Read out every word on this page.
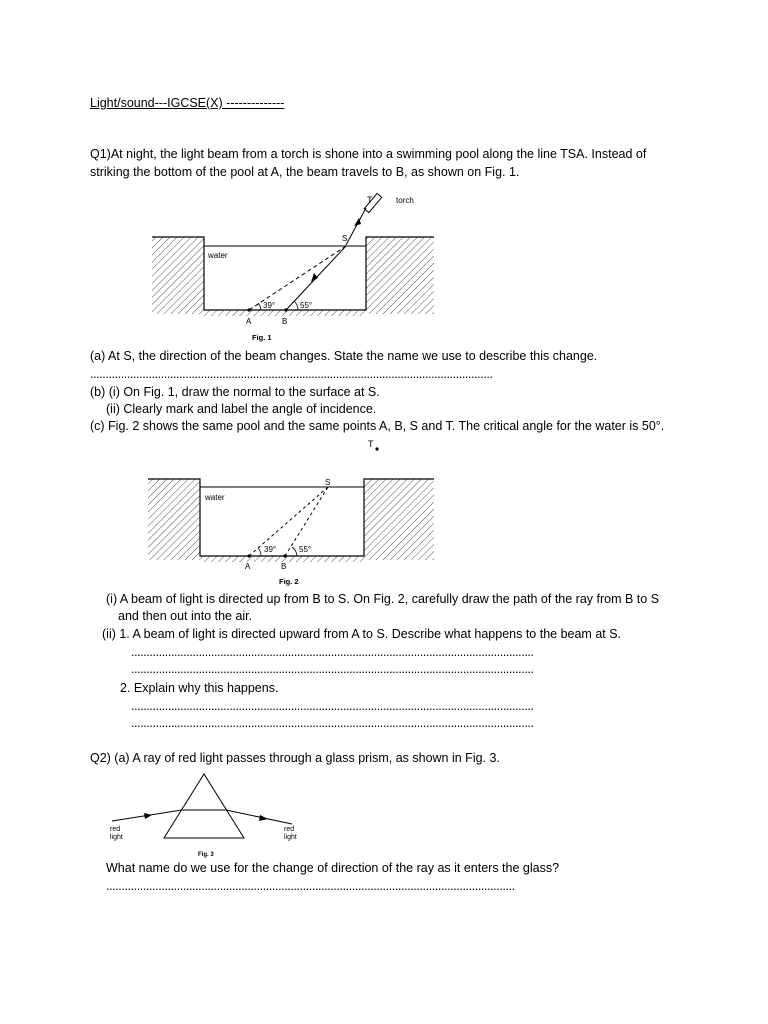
Light/sound---IGCSE(X) --------------
Q1)At night, the light beam from a torch is shone into a swimming pool along the line TSA. Instead of
striking the bottom of the pool at A, the beam travels to B, as shown on Fig. 1.
T	torch
S
water
39°	55°
A	B
Fig. 1
(a) At S, the direction of the beam changes. State the name we use to describe this change.
...................................................................................................................................
(b) (i) On Fig. 1, draw the normal to the surface at S.
(ii) Clearly mark and label the angle of incidence.
(c) Fig. 2 shows the same pool and the same points A, B, S and T. The critical angle for the water is 50°.
T
S
water
39°	55°
A	B
Fig. 2
(i) A beam of light is directed up from B to S. On Fig. 2, carefully draw the path of the ray from B to S
and then out into the air.
(ii) 1. A beam of light is directed upward from A to S. Describe what happens to the beam at S.
...................................................................................................................................
...................................................................................................................................
2. Explain why this happens.
...................................................................................................................................
...................................................................................................................................
Q2) (a) A ray of red light passes through a glass prism, as shown in Fig. 3.
red
light
red
light
Fig. 3
What name do we use for the change of direction of the ray as it enters the glass?
.....................................................................................................................................
